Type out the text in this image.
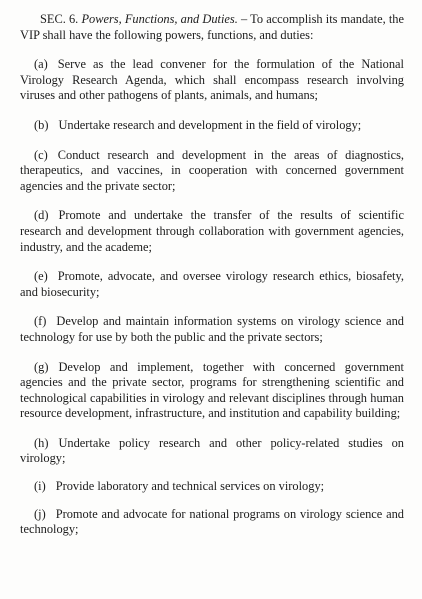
SEC. 6. Powers, Functions, and Duties. – To accomplish its mandate, the VIP shall have the following powers, functions, and duties:

(a) Serve as the lead convener for the formulation of the National Virology Research Agenda, which shall encompass research involving viruses and other pathogens of plants, animals, and humans;

(b) Undertake research and development in the field of virology;

(c) Conduct research and development in the areas of diagnostics, therapeutics, and vaccines, in cooperation with concerned government agencies and the private sector;

(d) Promote and undertake the transfer of the results of scientific research and development through collaboration with government agencies, industry, and the academe;

(e) Promote, advocate, and oversee virology research ethics, biosafety, and biosecurity;

(f) Develop and maintain information systems on virology science and technology for use by both the public and the private sectors;

(g) Develop and implement, together with concerned government agencies and the private sector, programs for strengthening scientific and technological capabilities in virology and relevant disciplines through human resource development, infrastructure, and institution and capability building;

(h) Undertake policy research and other policy-related studies on virology;

(i) Provide laboratory and technical services on virology;

(j) Promote and advocate for national programs on virology science and technology;
